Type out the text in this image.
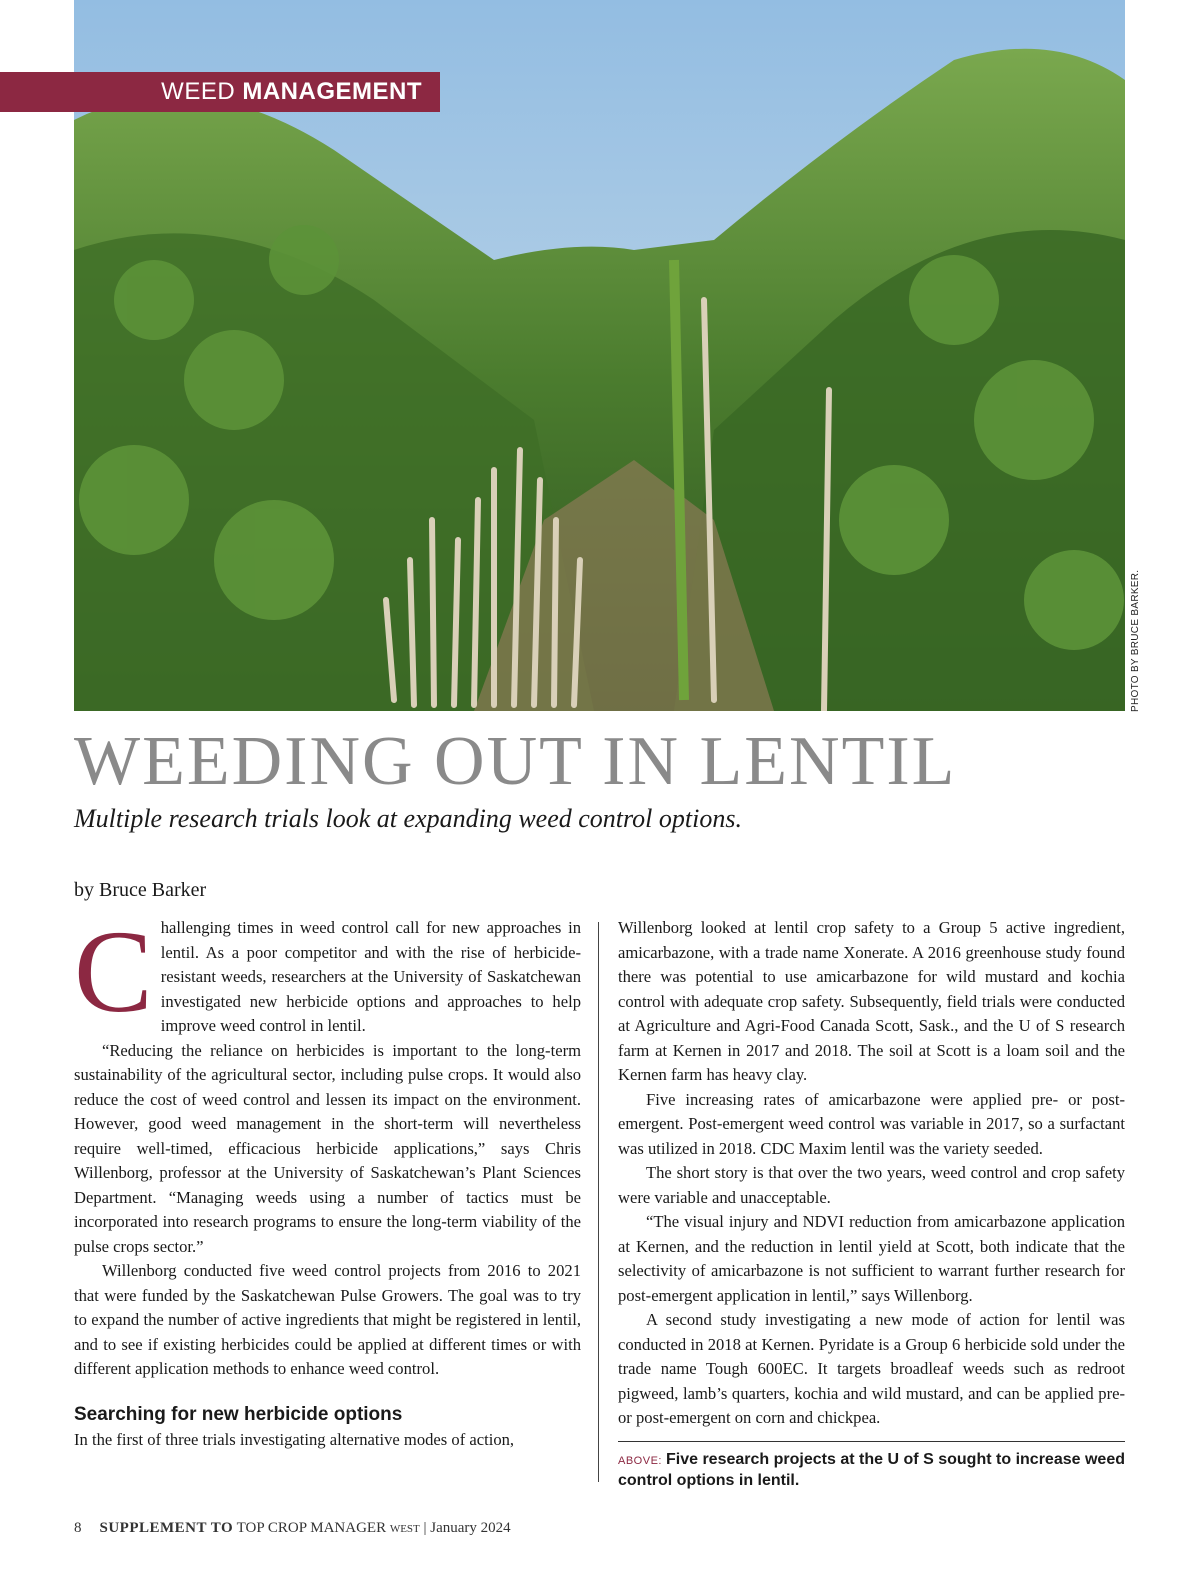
WEED MANAGEMENT
PHOTO BY BRUCE BARKER.
WEEDING OUT IN LENTIL
Multiple research trials look at expanding weed control options.
by Bruce Barker

Challenging times in weed control call for new approaches in lentil. As a poor competitor and with the rise of herbicide-resistant weeds, researchers at the University of Saskatchewan investigated new herbicide options and approaches to help improve weed control in lentil.

“Reducing the reliance on herbicides is important to the long-term sustainability of the agricultural sector, including pulse crops. It would also reduce the cost of weed control and lessen its impact on the environment. However, good weed management in the short-term will nevertheless require well-timed, efficacious herbicide applications,” says Chris Willenborg, professor at the University of Saskatchewan’s Plant Sciences Department. “Managing weeds using a number of tactics must be incorporated into research programs to ensure the long-term viability of the pulse crops sector.”

Willenborg conducted five weed control projects from 2016 to 2021 that were funded by the Saskatchewan Pulse Growers. The goal was to try to expand the number of active ingredients that might be registered in lentil, and to see if existing herbicides could be applied at different times or with different application methods to enhance weed control.

Searching for new herbicide options

In the first of three trials investigating alternative modes of action,

Willenborg looked at lentil crop safety to a Group 5 active ingredient, amicarbazone, with a trade name Xonerate. A 2016 greenhouse study found there was potential to use amicarbazone for wild mustard and kochia control with adequate crop safety. Subsequently, field trials were conducted at Agriculture and Agri-Food Canada Scott, Sask., and the U of S research farm at Kernen in 2017 and 2018. The soil at Scott is a loam soil and the Kernen farm has heavy clay.

Five increasing rates of amicarbazone were applied pre- or post-emergent. Post-emergent weed control was variable in 2017, so a surfactant was utilized in 2018. CDC Maxim lentil was the variety seeded.

The short story is that over the two years, weed control and crop safety were variable and unacceptable.

“The visual injury and NDVI reduction from amicarbazone application at Kernen, and the reduction in lentil yield at Scott, both indicate that the selectivity of amicarbazone is not sufficient to warrant further research for post-emergent application in lentil,” says Willenborg.

A second study investigating a new mode of action for lentil was conducted in 2018 at Kernen. Pyridate is a Group 6 herbicide sold under the trade name Tough 600EC. It targets broadleaf weeds such as redroot pigweed, lamb’s quarters, kochia and wild mustard, and can be applied pre- or post-emergent on corn and chickpea.

ABOVE: Five research projects at the U of S sought to increase weed control options in lentil.
8 SUPPLEMENT TO TOP CROP MANAGER WEST | January 2024
